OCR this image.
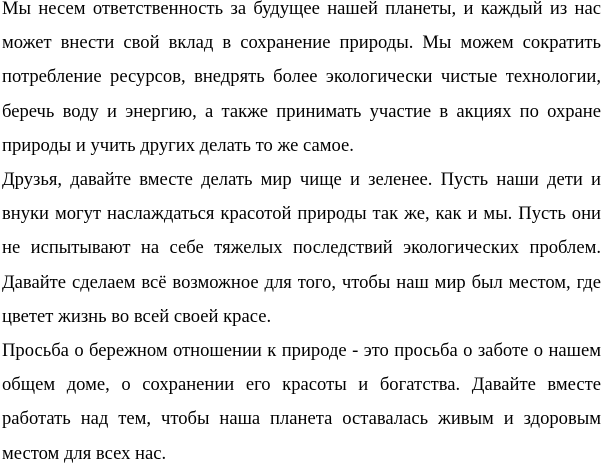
Мы несем ответственность за будущее нашей планеты, и каждый из нас может внести свой вклад в сохранение природы. Мы можем сократить потребление ресурсов, внедрять более экологически чистые технологии, беречь воду и энергию, а также принимать участие в акциях по охране природы и учить других делать то же самое.

Друзья, давайте вместе делать мир чище и зеленее. Пусть наши дети и внуки могут наслаждаться красотой природы так же, как и мы. Пусть они не испытывают на себе тяжелых последствий экологических проблем. Давайте сделаем всё возможное для того, чтобы наш мир был местом, где цветет жизнь во всей своей красе.

Просьба о бережном отношении к природе - это просьба о заботе о нашем общем доме, о сохранении его красоты и богатства. Давайте вместе работать над тем, чтобы наша планета оставалась живым и здоровым местом для всех нас.
